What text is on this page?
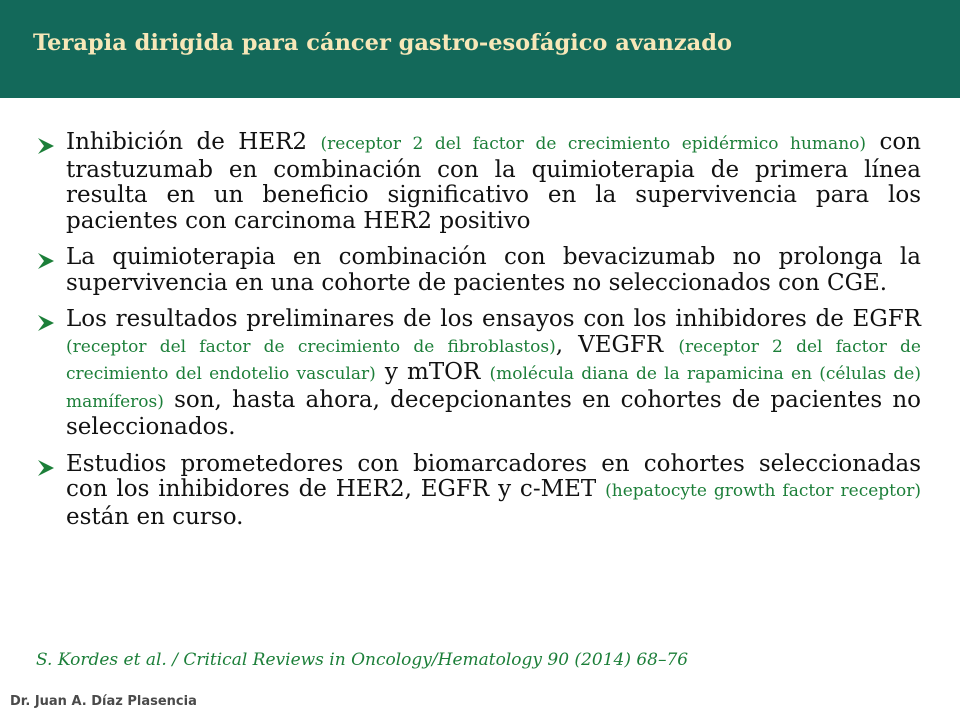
Terapia dirigida para cáncer gastro-esofágico avanzado

Inhibición de HER2 (receptor 2 del factor de crecimiento epidérmico humano) con trastuzumab en combinación con la quimioterapia de primera línea resulta en un beneficio significativo en la supervivencia para los pacientes con carcinoma HER2 positivo

La quimioterapia en combinación con bevacizumab no prolonga la supervivencia en una cohorte de pacientes no seleccionados con CGE.

Los resultados preliminares de los ensayos con los inhibidores de EGFR (receptor del factor de crecimiento de fibroblastos), VEGFR (receptor 2 del factor de crecimiento del endotelio vascular) y mTOR (molécula diana de la rapamicina en (células de) mamíferos) son, hasta ahora, decepcionantes en cohortes de pacientes no seleccionados.

Estudios prometedores con biomarcadores en cohortes seleccionadas con los inhibidores de HER2, EGFR y c-MET (hepatocyte growth factor receptor) están en curso.

S. Kordes et al. / Critical Reviews in Oncology/Hematology 90 (2014) 68–76
Dr. Juan A. Díaz Plasencia
